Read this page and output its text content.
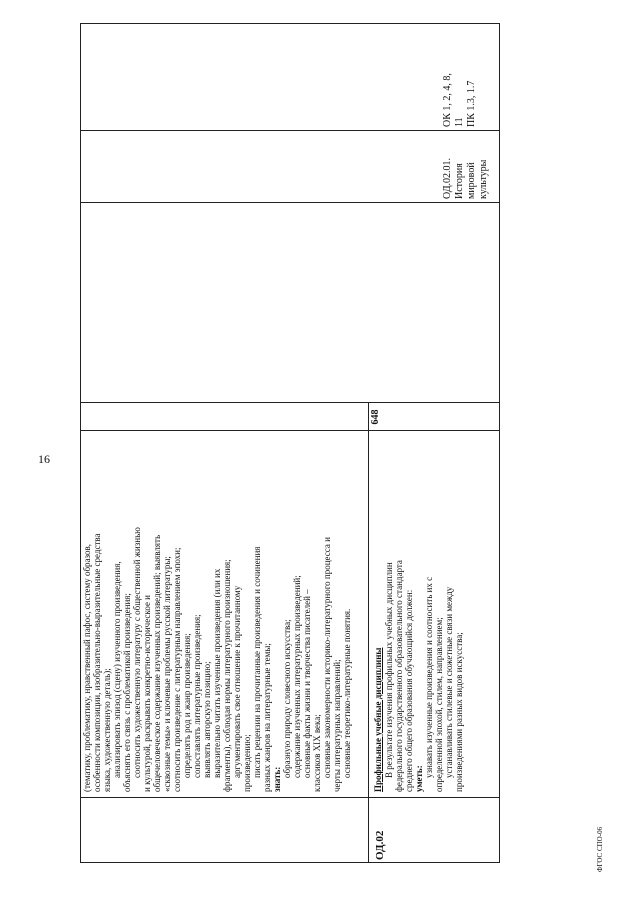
16
ФГОС СПО-06
ОД.02
(тематику, проблематику, нравственный пафос, систему образов, особенности композиции, изобразительно-выразительные средства языка, художественную деталь); анализировать эпизод (сцену) изученного произведения, объяснять его связь с проблематикой произведения; соотносить художественную литературу с общественной жизнью и культурой, раскрывать конкретно-историческое и общечеловеческое содержание изученных произведений; выявлять «сквозные темы» и ключевые проблемы русской литературы; соотносить произведение с литературным направлением эпохи; определять род и жанр произведения; сопоставлять литературные произведения; выявлять авторскую позицию; выразительно читать изученные произведения (или их фрагменты), соблюдая нормы литературного произношения; аргументировать свое отношение к прочитанному произведению; писать рецензии на прочитанные произведения и сочинения разных жанров на литературные темы; знать:
образную природу словесного искусства; содержание изученных литературных произведений; основные факты жизни и творчества писателей – классиков XIX века; основные закономерности историко-литературного процесса и черты литературных направлений; основные теоретико-литературные понятия. Профильные учебные дисциплины В результате изучения профильных учебных дисциплин федерального государственного образовательного стандарта среднего общего образования обучающийся должен: уметь:
узнавать изученные произведения и соотносить их с определенной эпохой, стилем, направлением; устанавливать стилевые и сюжетные связи между произведениями разных видов искусства;
648
ОД.02.01. История мировой культуры
ОК 1, 2, 4, 8, 11 ПК 1.3, 1.7
